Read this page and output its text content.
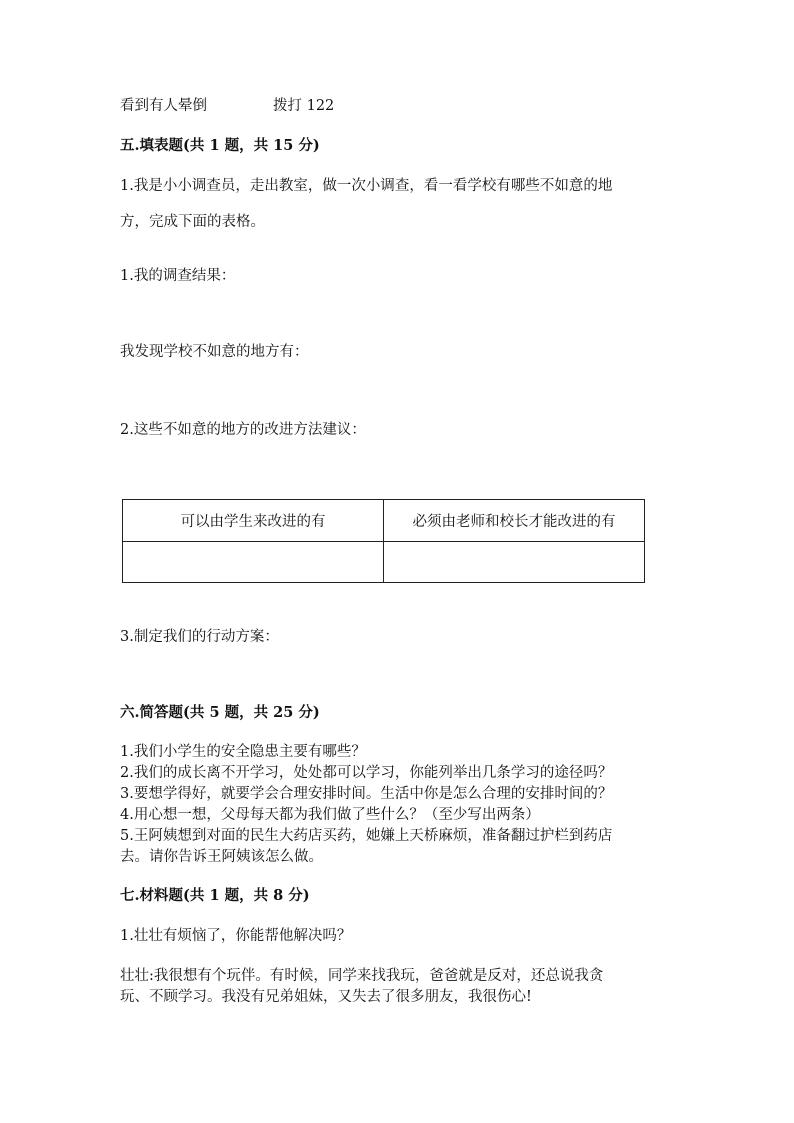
看到有人晕倒	拨打 122
五.填表题(共 1 题，共 15 分)
1.我是小小调查员，走出教室，做一次小调查，看一看学校有哪些不如意的地
方，完成下面的表格。
1.我的调查结果：
我发现学校不如意的地方有：
2.这些不如意的地方的改进方法建议：
可以由学生来改进的有	必须由老师和校长才能改进的有

3.制定我们的行动方案：
六.简答题(共 5 题，共 25 分)
1.我们小学生的安全隐患主要有哪些？
2.我们的成长离不开学习，处处都可以学习，你能列举出几条学习的途径吗？
3.要想学得好，就要学会合理安排时间。生活中你是怎么合理的安排时间的？
4.用心想一想，父母每天都为我们做了些什么？（至少写出两条）
5.王阿姨想到对面的民生大药店买药，她嫌上天桥麻烦，准备翻过护栏到药店
去。请你告诉王阿姨该怎么做。
七.材料题(共 1 题，共 8 分)
1.壮壮有烦恼了，你能帮他解决吗？
壮壮:我很想有个玩伴。有时候，同学来找我玩，爸爸就是反对，还总说我贪
玩、不顾学习。我没有兄弟姐妹，又失去了很多朋友，我很伤心!
